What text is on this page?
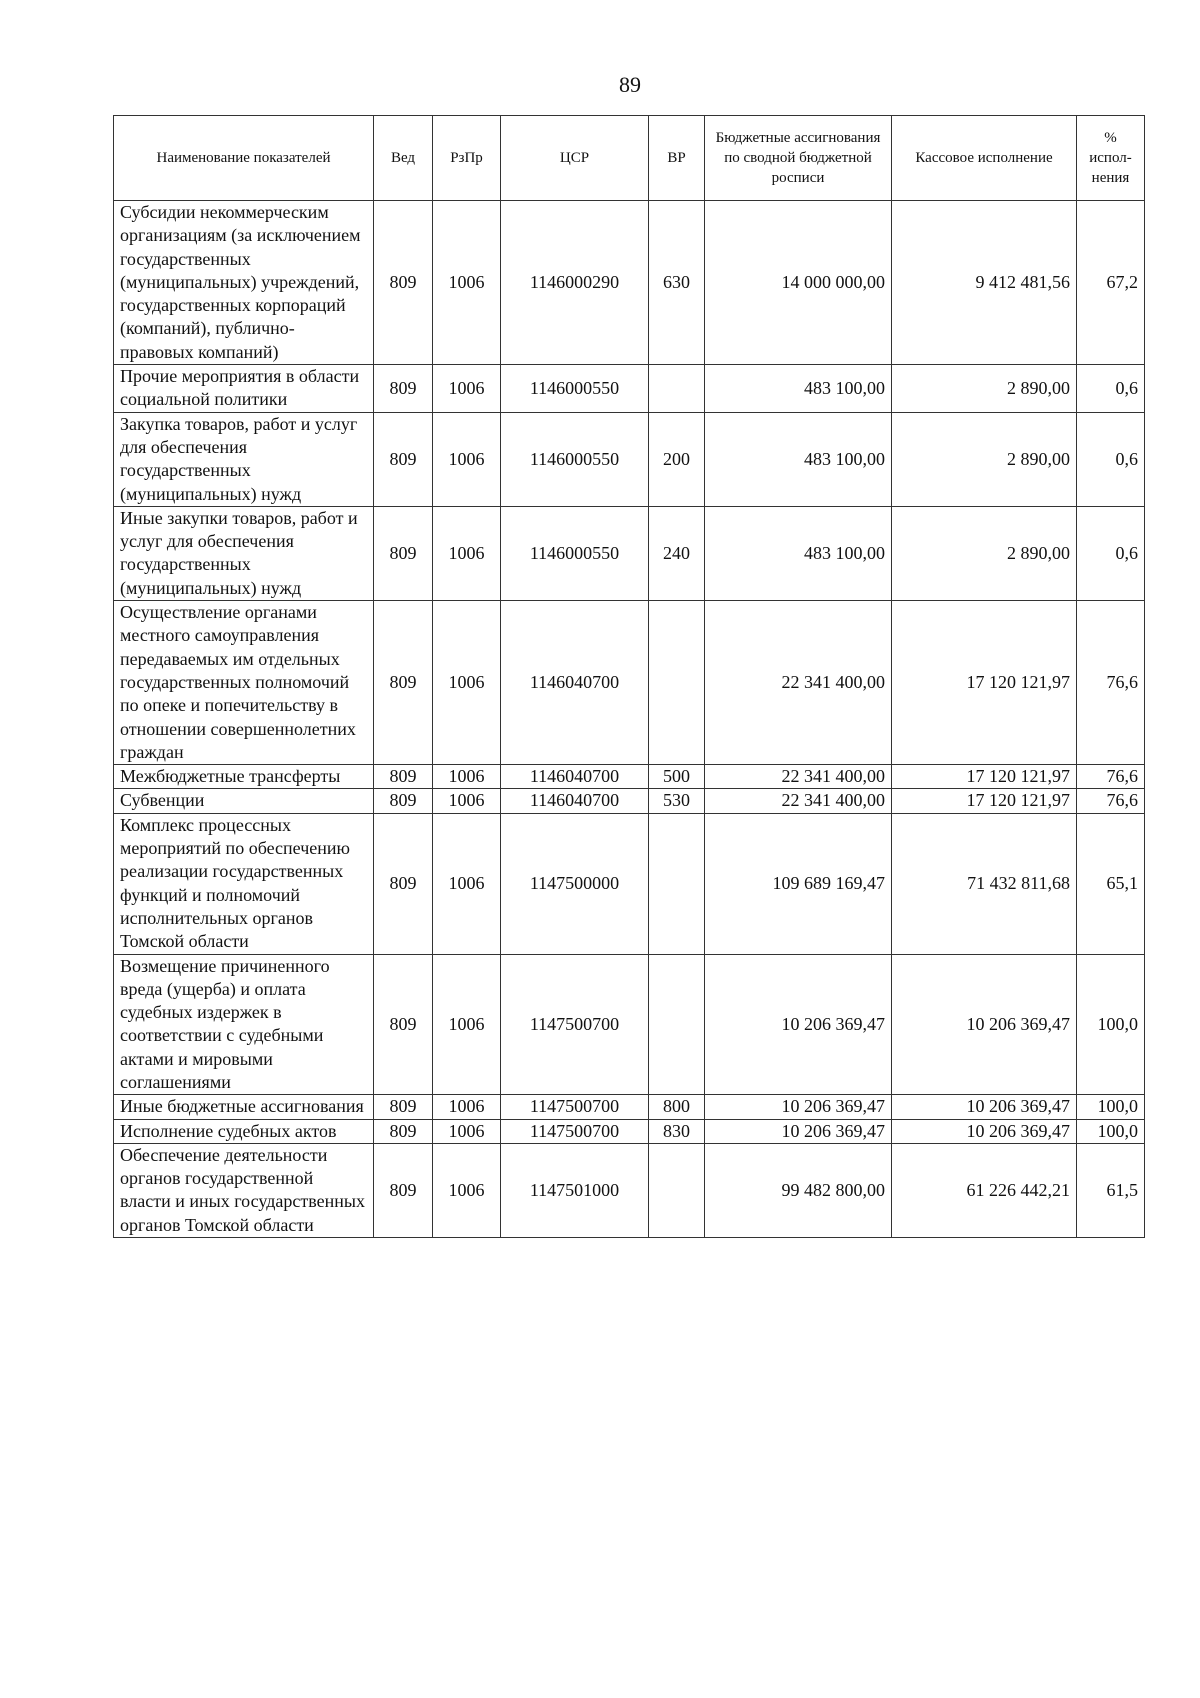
89
Наименование показателей	Вед	РзПр	ЦСР	ВР	Бюджетные ассигнования по сводной бюджетной росписи	Кассовое исполнение	% испол-нения
Субсидии некоммерческим организациям (за исключением государственных (муниципальных) учреждений, государственных корпораций (компаний), публично-правовых компаний)	809	1006	1146000290	630	14 000 000,00	9 412 481,56	67,2
Прочие мероприятия в области социальной политики	809	1006	1146000550		483 100,00	2 890,00	0,6
Закупка товаров, работ и услуг для обеспечения государственных (муниципальных) нужд	809	1006	1146000550	200	483 100,00	2 890,00	0,6
Иные закупки товаров, работ и услуг для обеспечения государственных (муниципальных) нужд	809	1006	1146000550	240	483 100,00	2 890,00	0,6
Осуществление органами местного самоуправления передаваемых им отдельных государственных полномочий по опеке и попечительству в отношении совершеннолетних граждан	809	1006	1146040700		22 341 400,00	17 120 121,97	76,6
Межбюджетные трансферты	809	1006	1146040700	500	22 341 400,00	17 120 121,97	76,6
Субвенции	809	1006	1146040700	530	22 341 400,00	17 120 121,97	76,6
Комплекс процессных мероприятий по обеспечению реализации государственных функций и полномочий исполнительных органов Томской области	809	1006	1147500000		109 689 169,47	71 432 811,68	65,1
Возмещение причиненного вреда (ущерба) и оплата судебных издержек в соответствии с судебными актами и мировыми соглашениями	809	1006	1147500700		10 206 369,47	10 206 369,47	100,0
Иные бюджетные ассигнования	809	1006	1147500700	800	10 206 369,47	10 206 369,47	100,0
Исполнение судебных актов	809	1006	1147500700	830	10 206 369,47	10 206 369,47	100,0
Обеспечение деятельности органов государственной власти и иных государственных органов Томской области	809	1006	1147501000		99 482 800,00	61 226 442,21	61,5
